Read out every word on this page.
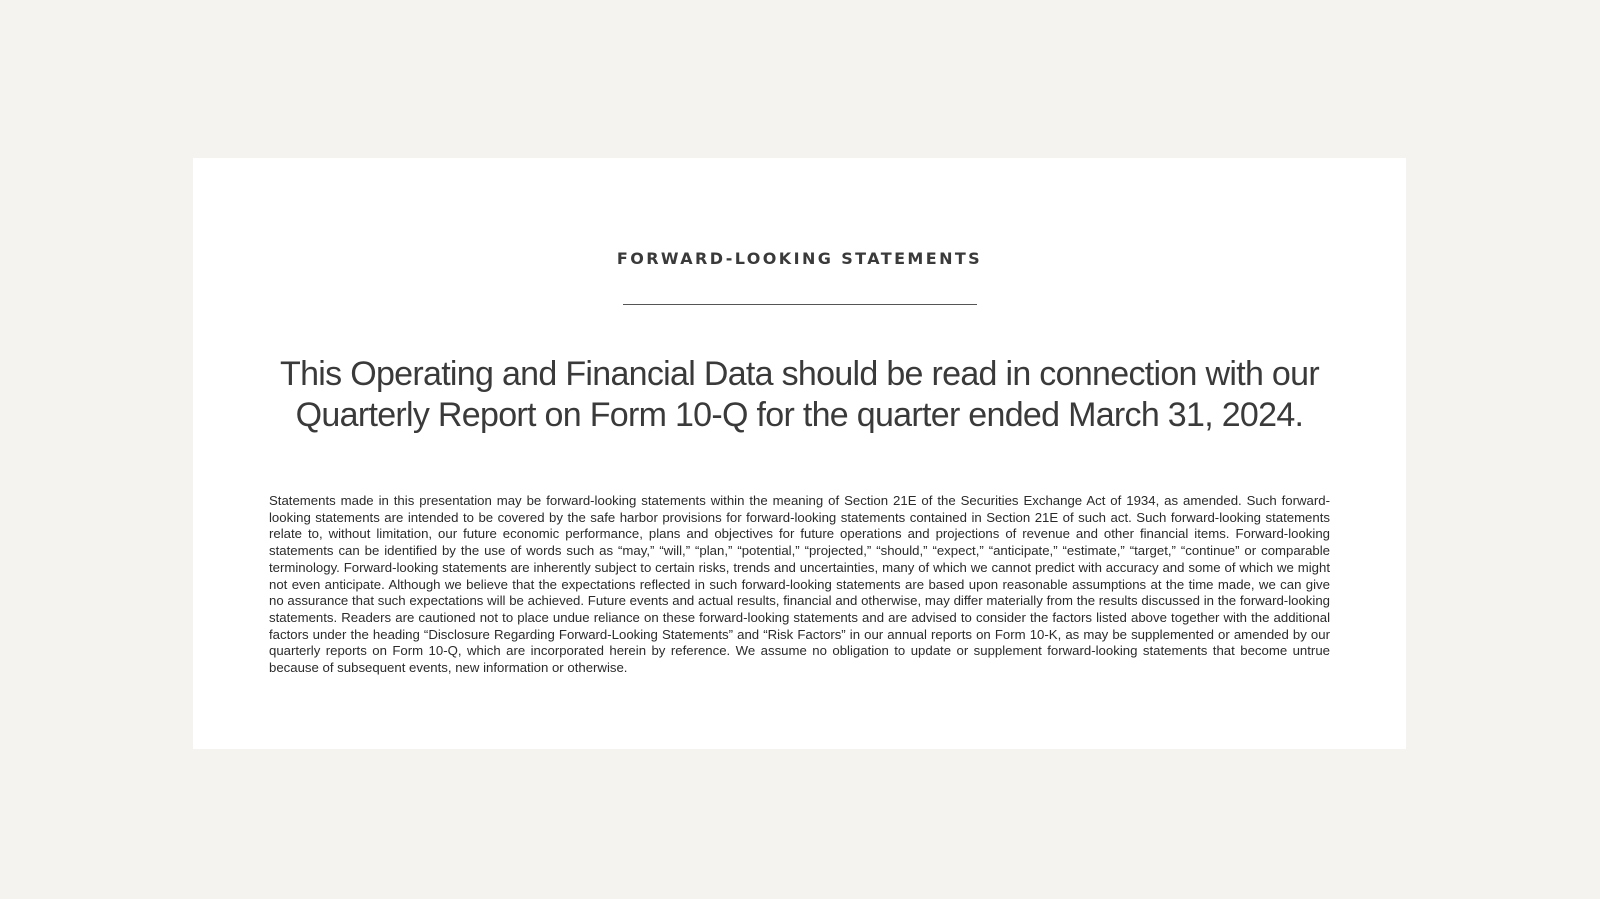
FORWARD-LOOKING STATEMENTS
This Operating and Financial Data should be read in connection with our
Quarterly Report on Form 10-Q for the quarter ended March 31, 2024.

Statements made in this presentation may be forward-looking statements within the meaning of Section 21E of the Securities Exchange Act of 1934, as amended. Such forward-looking statements are intended to be covered by the safe harbor provisions for forward-looking statements contained in Section 21E of such act. Such forward-looking statements relate to, without limitation, our future economic performance, plans and objectives for future operations and projections of revenue and other financial items. Forward-looking statements can be identified by the use of words such as “may,” “will,” “plan,” “potential,” “projected,” “should,” “expect,” “anticipate,” “estimate,” “target,” “continue” or comparable terminology. Forward-looking statements are inherently subject to certain risks, trends and uncertainties, many of which we cannot predict with accuracy and some of which we might not even anticipate. Although we believe that the expectations reflected in such forward-looking statements are based upon reasonable assumptions at the time made, we can give no assurance that such expectations will be achieved. Future events and actual results, financial and otherwise, may differ materially from the results discussed in the forward-looking statements. Readers are cautioned not to place undue reliance on these forward-looking statements and are advised to consider the factors listed above together with the additional factors under the heading “Disclosure Regarding Forward-Looking Statements” and “Risk Factors” in our annual reports on Form 10-K, as may be supplemented or amended by our quarterly reports on Form 10-Q, which are incorporated herein by reference. We assume no obligation to update or supplement forward-looking statements that become untrue because of subsequent events, new information or otherwise.
